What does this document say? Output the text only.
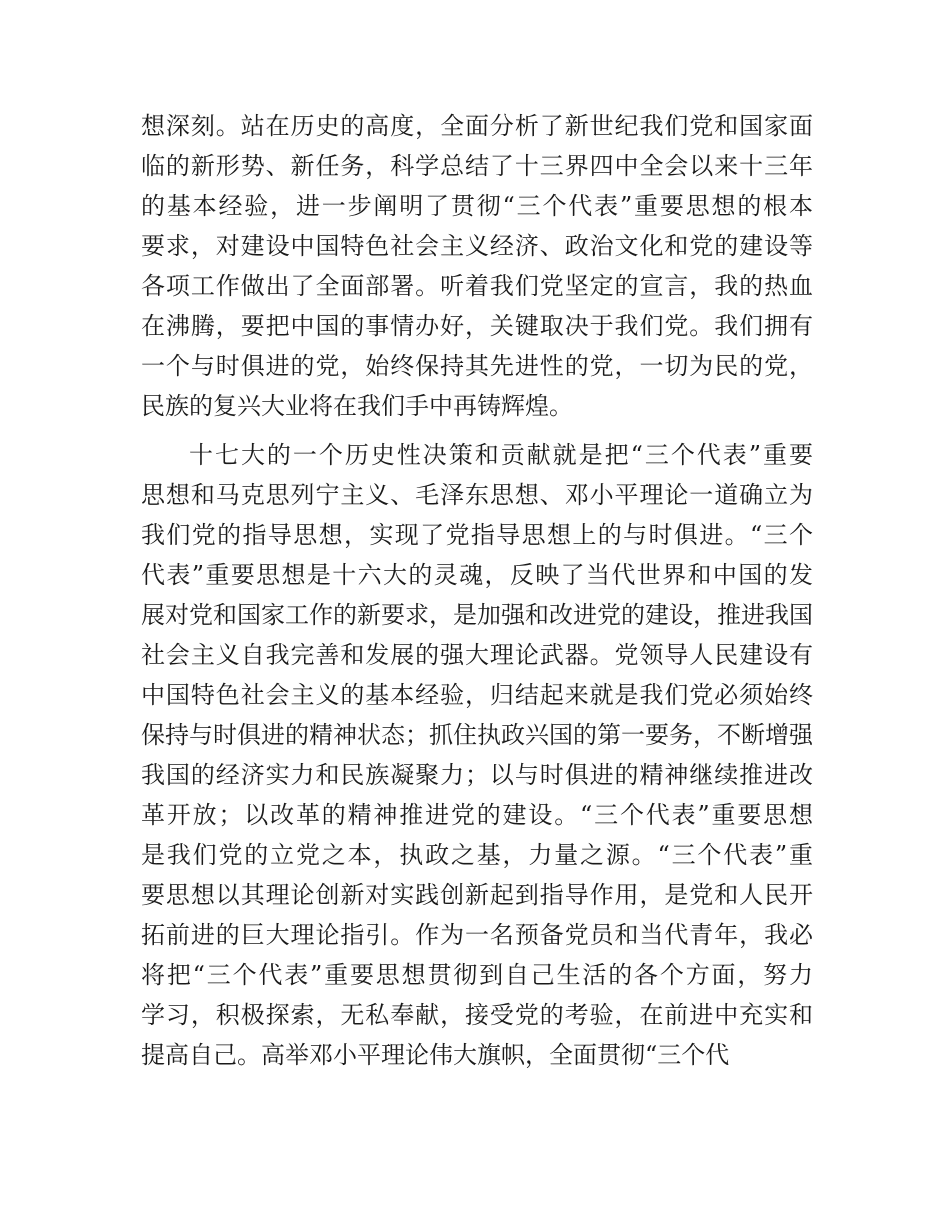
想深刻。站在历史的高度，全面分析了新世纪我们党和国家面
临的新形势、新任务，科学总结了十三界四中全会以来十三年
的基本经验，进一步阐明了贯彻“三个代表”重要思想的根本
要求，对建设中国特色社会主义经济、政治文化和党的建设等
各项工作做出了全面部署。听着我们党坚定的宣言，我的热血
在沸腾，要把中国的事情办好，关键取决于我们党。我们拥有
一个与时俱进的党，始终保持其先进性的党，一切为民的党，
民族的复兴大业将在我们手中再铸辉煌。
十七大的一个历史性决策和贡献就是把“三个代表”重要
思想和马克思列宁主义、毛泽东思想、邓小平理论一道确立为
我们党的指导思想，实现了党指导思想上的与时俱进。“三个
代表”重要思想是十六大的灵魂，反映了当代世界和中国的发
展对党和国家工作的新要求，是加强和改进党的建设，推进我国
社会主义自我完善和发展的强大理论武器。党领导人民建设有
中国特色社会主义的基本经验，归结起来就是我们党必须始终
保持与时俱进的精神状态；抓住执政兴国的第一要务，不断增强
我国的经济实力和民族凝聚力；以与时俱进的精神继续推进改
革开放；以改革的精神推进党的建设。“三个代表”重要思想
是我们党的立党之本，执政之基，力量之源。“三个代表”重
要思想以其理论创新对实践创新起到指导作用，是党和人民开
拓前进的巨大理论指引。作为一名预备党员和当代青年，我必
将把“三个代表”重要思想贯彻到自己生活的各个方面，努力
学习，积极探索，无私奉献，接受党的考验，在前进中充实和
提高自己。高举邓小平理论伟大旗帜，全面贯彻“三个代
